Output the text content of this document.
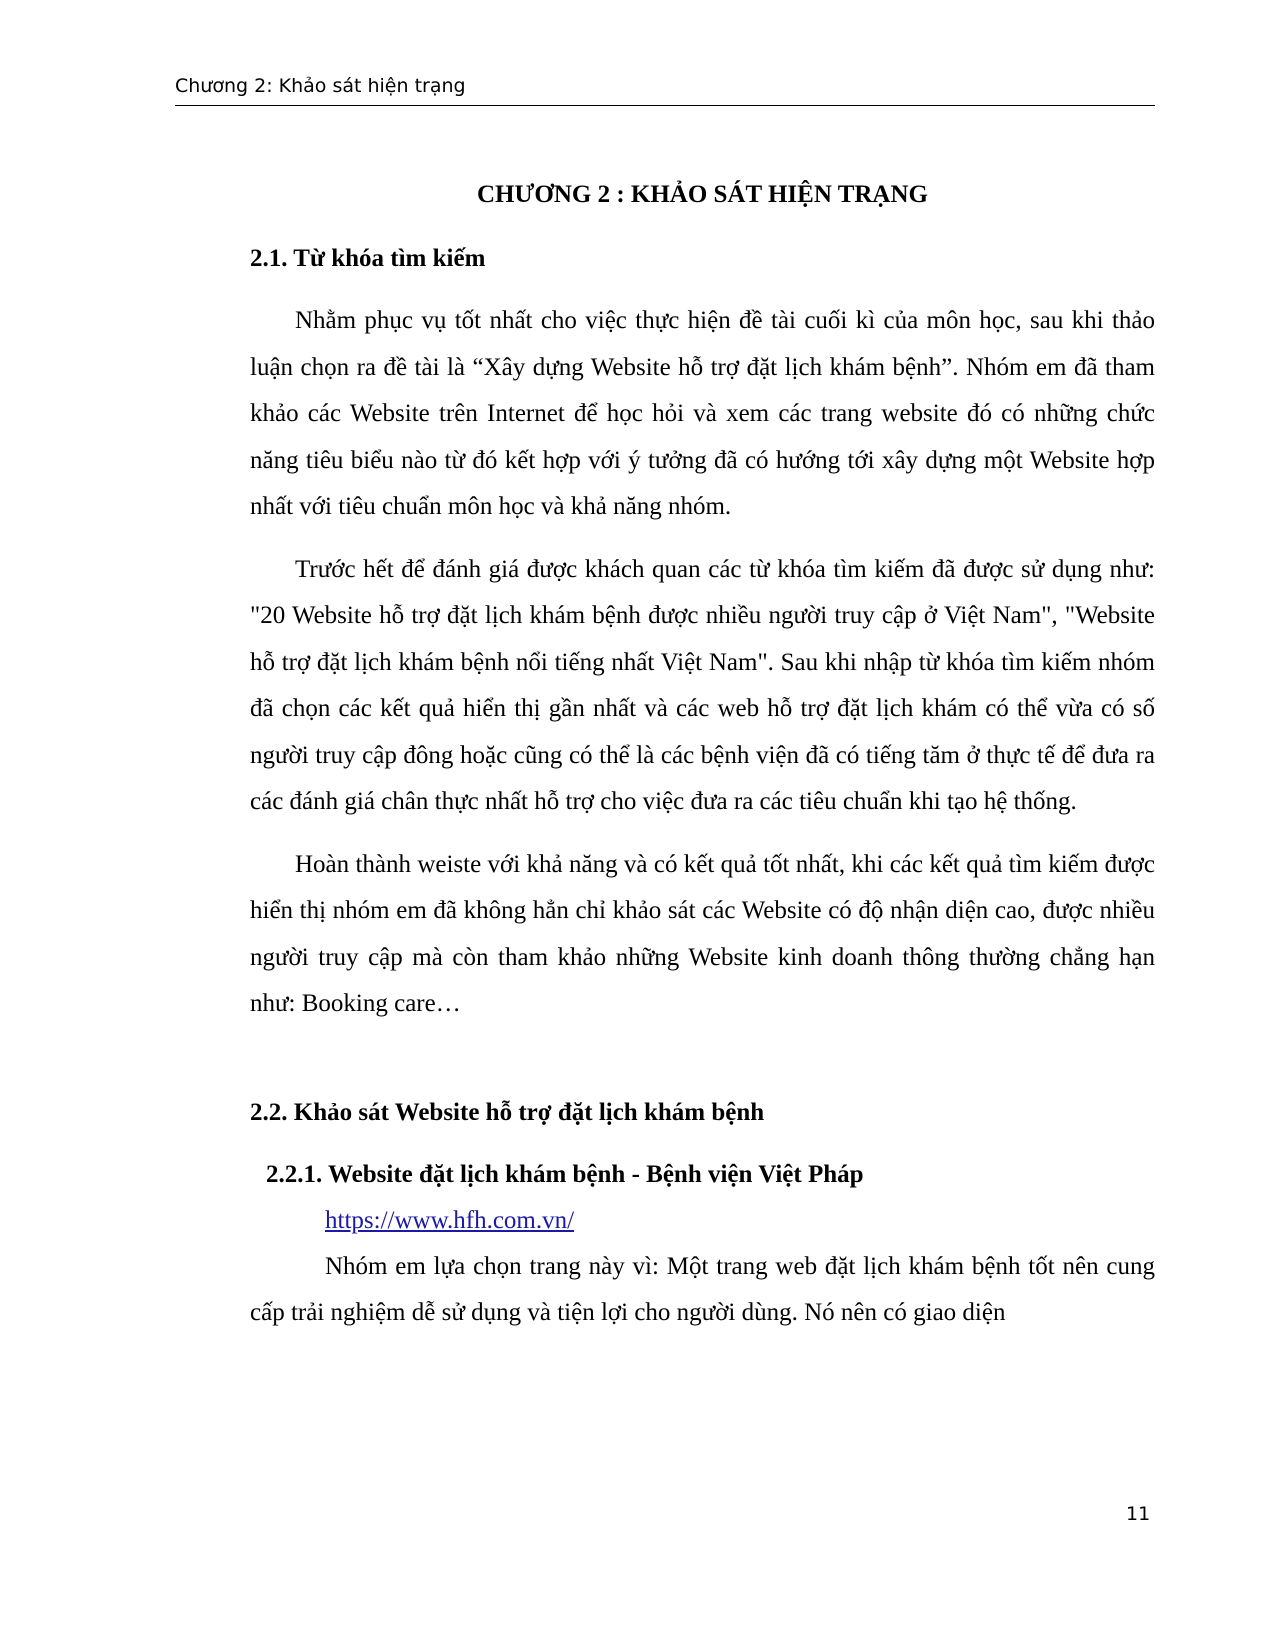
Chương 2: Khảo sát hiện trạng
CHƯƠNG 2 : KHẢO SÁT HIỆN TRẠNG
2.1. Từ khóa tìm kiếm

Nhằm phục vụ tốt nhất cho việc thực hiện đề tài cuối kì của môn học, sau khi thảo luận chọn ra đề tài là “Xây dựng Website hỗ trợ đặt lịch khám bệnh”. Nhóm em đã tham khảo các Website trên Internet để học hỏi và xem các trang website đó có những chức năng tiêu biểu nào từ đó kết hợp với ý tưởng đã có hướng tới xây dựng một Website hợp nhất với tiêu chuẩn môn học và khả năng nhóm.

Trước hết để đánh giá được khách quan các từ khóa tìm kiếm đã được sử dụng như: "20 Website hỗ trợ đặt lịch khám bệnh được nhiều người truy cập ở Việt Nam", "Website hỗ trợ đặt lịch khám bệnh nổi tiếng nhất Việt Nam". Sau khi nhập từ khóa tìm kiếm nhóm đã chọn các kết quả hiển thị gần nhất và các web hỗ trợ đặt lịch khám có thể vừa có số người truy cập đông hoặc cũng có thể là các bệnh viện đã có tiếng tăm ở thực tế để đưa ra các đánh giá chân thực nhất hỗ trợ cho việc đưa ra các tiêu chuẩn khi tạo hệ thống.

Hoàn thành weiste với khả năng và có kết quả tốt nhất, khi các kết quả tìm kiếm được hiển thị nhóm em đã không hẳn chỉ khảo sát các Website có độ nhận diện cao, được nhiều người truy cập mà còn tham khảo những Website kinh doanh thông thường chẳng hạn như: Booking care…

2.2. Khảo sát Website hỗ trợ đặt lịch khám bệnh
2.2.1. Website đặt lịch khám bệnh - Bệnh viện Việt Pháp
https://www.hfh.com.vn/

Nhóm em lựa chọn trang này vì: Một trang web đặt lịch khám bệnh tốt nên cung cấp trải nghiệm dễ sử dụng và tiện lợi cho người dùng. Nó nên có giao diện

11
